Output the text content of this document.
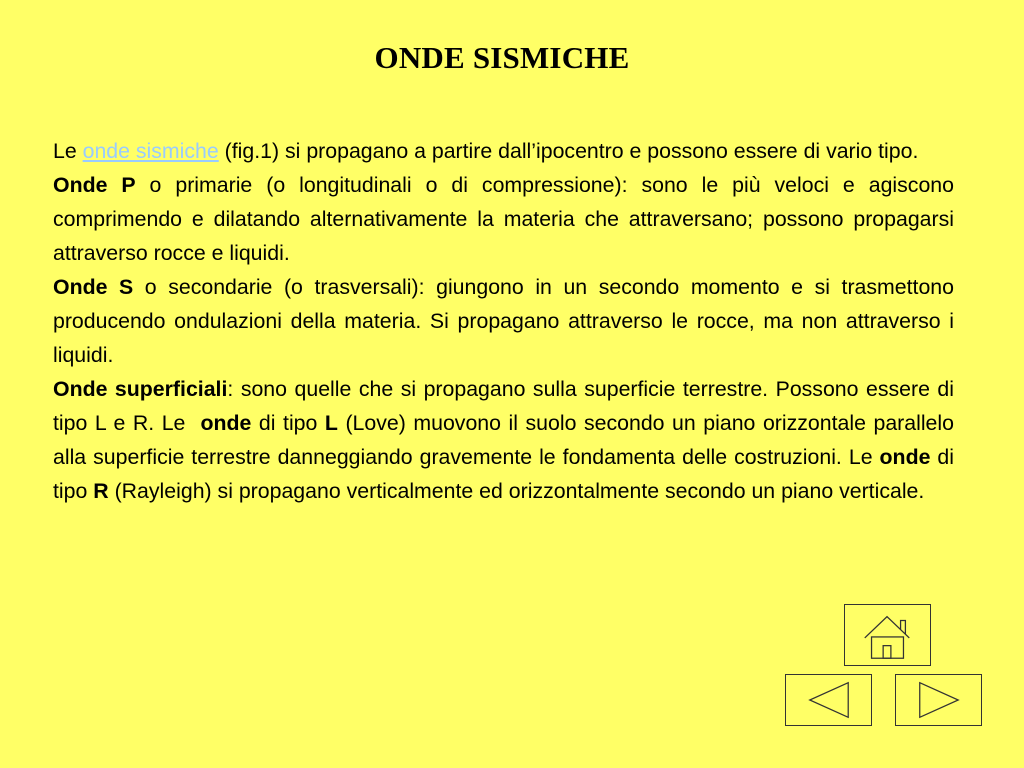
ONDE SISMICHE

Le onde sismiche (fig.1) si propagano a partire dall’ipocentro e possono essere di vario tipo.

Onde P o primarie (o longitudinali o di compressione): sono le più veloci e agiscono comprimendo e dilatando alternativamente la materia che attraversano; possono propagarsi attraverso rocce e liquidi.

Onde S o secondarie (o trasversali): giungono in un secondo momento e si trasmettono producendo ondulazioni della materia. Si propagano attraverso le rocce, ma non attraverso i liquidi.

Onde superficiali: sono quelle che si propagano sulla superficie terrestre. Possono essere di tipo L e R. Le  onde di tipo L (Love) muovono il suolo secondo un piano orizzontale parallelo alla superficie terrestre danneggiando gravemente le fondamenta delle costruzioni. Le onde di tipo R (Rayleigh) si propagano verticalmente ed orizzontalmente secondo un piano verticale.
